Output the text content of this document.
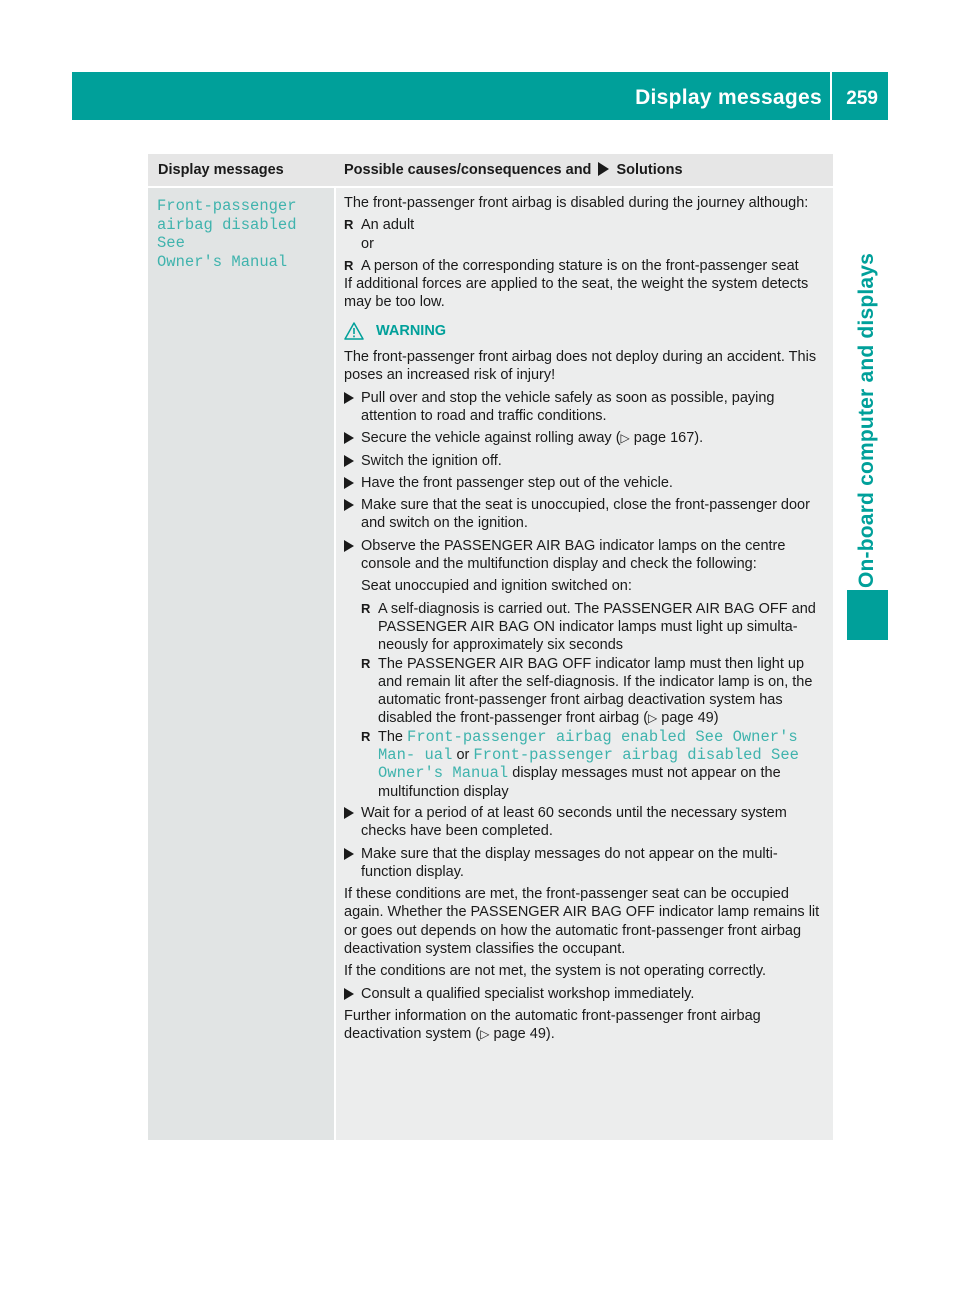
Display messages 259
On-board computer and displays
Display messages	Possible causes/consequences and Solutions
Front-passenger
airbag disabled See
Owner's Manual

The front-passenger front airbag is disabled during the journey although:

R An adult

or

R A person of the corresponding stature is on the front-passenger seat

If additional forces are applied to the seat, the weight the system detects may be too low.

WARNING

The front-passenger front airbag does not deploy during an accident. This poses an increased risk of injury!

Pull over and stop the vehicle safely as soon as possible, paying attention to road and traffic conditions.
Secure the vehicle against rolling away (▷ page 167).
Switch the ignition off.
Have the front passenger step out of the vehicle.
Make sure that the seat is unoccupied, close the front-passenger door and switch on the ignition.
Observe the PASSENGER AIR BAG indicator lamps on the centre console and the multifunction display and check the following:

Seat unoccupied and ignition switched on:

R A self-diagnosis is carried out. The PASSENGER AIR BAG OFF and PASSENGER AIR BAG ON indicator lamps must light up simulta- neously for approximately six seconds

R The PASSENGER AIR BAG OFF indicator lamp must then light up and remain lit after the self-diagnosis. If the indicator lamp is on, the automatic front-passenger front airbag deactivation system has disabled the front-passenger front airbag (▷ page 49)

R The Front-passenger airbag enabled See Owner's Man‐ ual or Front-passenger airbag disabled See Owner's Manual display messages must not appear on the multifunction display

Wait for a period of at least 60 seconds until the necessary system checks have been completed.
Make sure that the display messages do not appear on the multi- function display.

If these conditions are met, the front-passenger seat can be occupied again. Whether the PASSENGER AIR BAG OFF indicator lamp remains lit or goes out depends on how the automatic front-passenger front airbag deactivation system classifies the occupant.

If the conditions are not met, the system is not operating correctly.

Consult a qualified specialist workshop immediately.

Further information on the automatic front-passenger front airbag deactivation system (▷ page 49).
